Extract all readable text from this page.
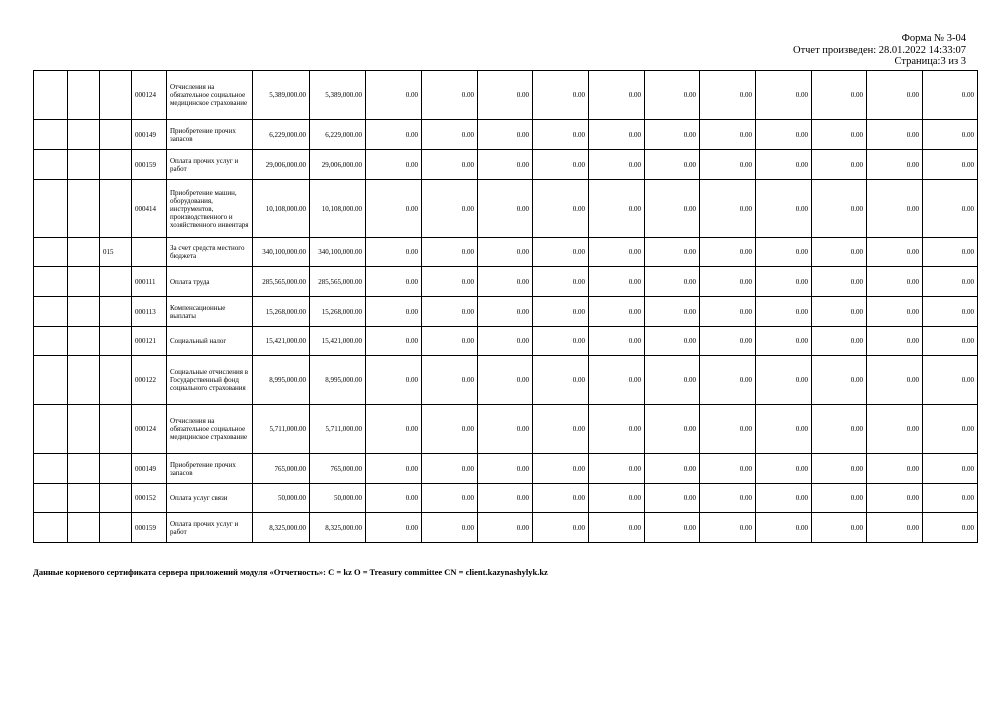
Форма № 3-04
Отчет произведен: 28.01.2022 14:33:07
Страница:3 из 3
			000124	Отчисления на обязательное социальное медицинское страхование	5,389,000.00	5,389,000.00	0.00	0.00	0.00	0.00	0.00	0.00	0.00	0.00	0.00	0.00	0.00
			000149	Приобретение прочих запасов	6,229,000.00	6,229,000.00	0.00	0.00	0.00	0.00	0.00	0.00	0.00	0.00	0.00	0.00	0.00
			000159	Оплата прочих услуг и работ	29,006,000.00	29,006,000.00	0.00	0.00	0.00	0.00	0.00	0.00	0.00	0.00	0.00	0.00	0.00
			000414	Приобретение машин, оборудования, инструментов, производственного и хозяйственного инвентаря	10,108,000.00	10,108,000.00	0.00	0.00	0.00	0.00	0.00	0.00	0.00	0.00	0.00	0.00	0.00
		015		За счет средств местного бюджета	340,100,000.00	340,100,000.00	0.00	0.00	0.00	0.00	0.00	0.00	0.00	0.00	0.00	0.00	0.00
			000111	Оплата труда	285,565,000.00	285,565,000.00	0.00	0.00	0.00	0.00	0.00	0.00	0.00	0.00	0.00	0.00	0.00
			000113	Компенсационные выплаты	15,268,000.00	15,268,000.00	0.00	0.00	0.00	0.00	0.00	0.00	0.00	0.00	0.00	0.00	0.00
			000121	Социальный налог	15,421,000.00	15,421,000.00	0.00	0.00	0.00	0.00	0.00	0.00	0.00	0.00	0.00	0.00	0.00
			000122	Социальные отчисления в Государственный фонд социального страхования	8,995,000.00	8,995,000.00	0.00	0.00	0.00	0.00	0.00	0.00	0.00	0.00	0.00	0.00	0.00
			000124	Отчисления на обязательное социальное медицинское страхование	5,711,000.00	5,711,000.00	0.00	0.00	0.00	0.00	0.00	0.00	0.00	0.00	0.00	0.00	0.00
			000149	Приобретение прочих запасов	765,000.00	765,000.00	0.00	0.00	0.00	0.00	0.00	0.00	0.00	0.00	0.00	0.00	0.00
			000152	Оплата услуг связи	50,000.00	50,000.00	0.00	0.00	0.00	0.00	0.00	0.00	0.00	0.00	0.00	0.00	0.00
			000159	Оплата прочих услуг и работ	8,325,000.00	8,325,000.00	0.00	0.00	0.00	0.00	0.00	0.00	0.00	0.00	0.00	0.00	0.00
Данные корневого сертификата сервера приложений модуля «Отчетность»: C = kz O = Treasury committee CN = client.kazynashylyk.kz
